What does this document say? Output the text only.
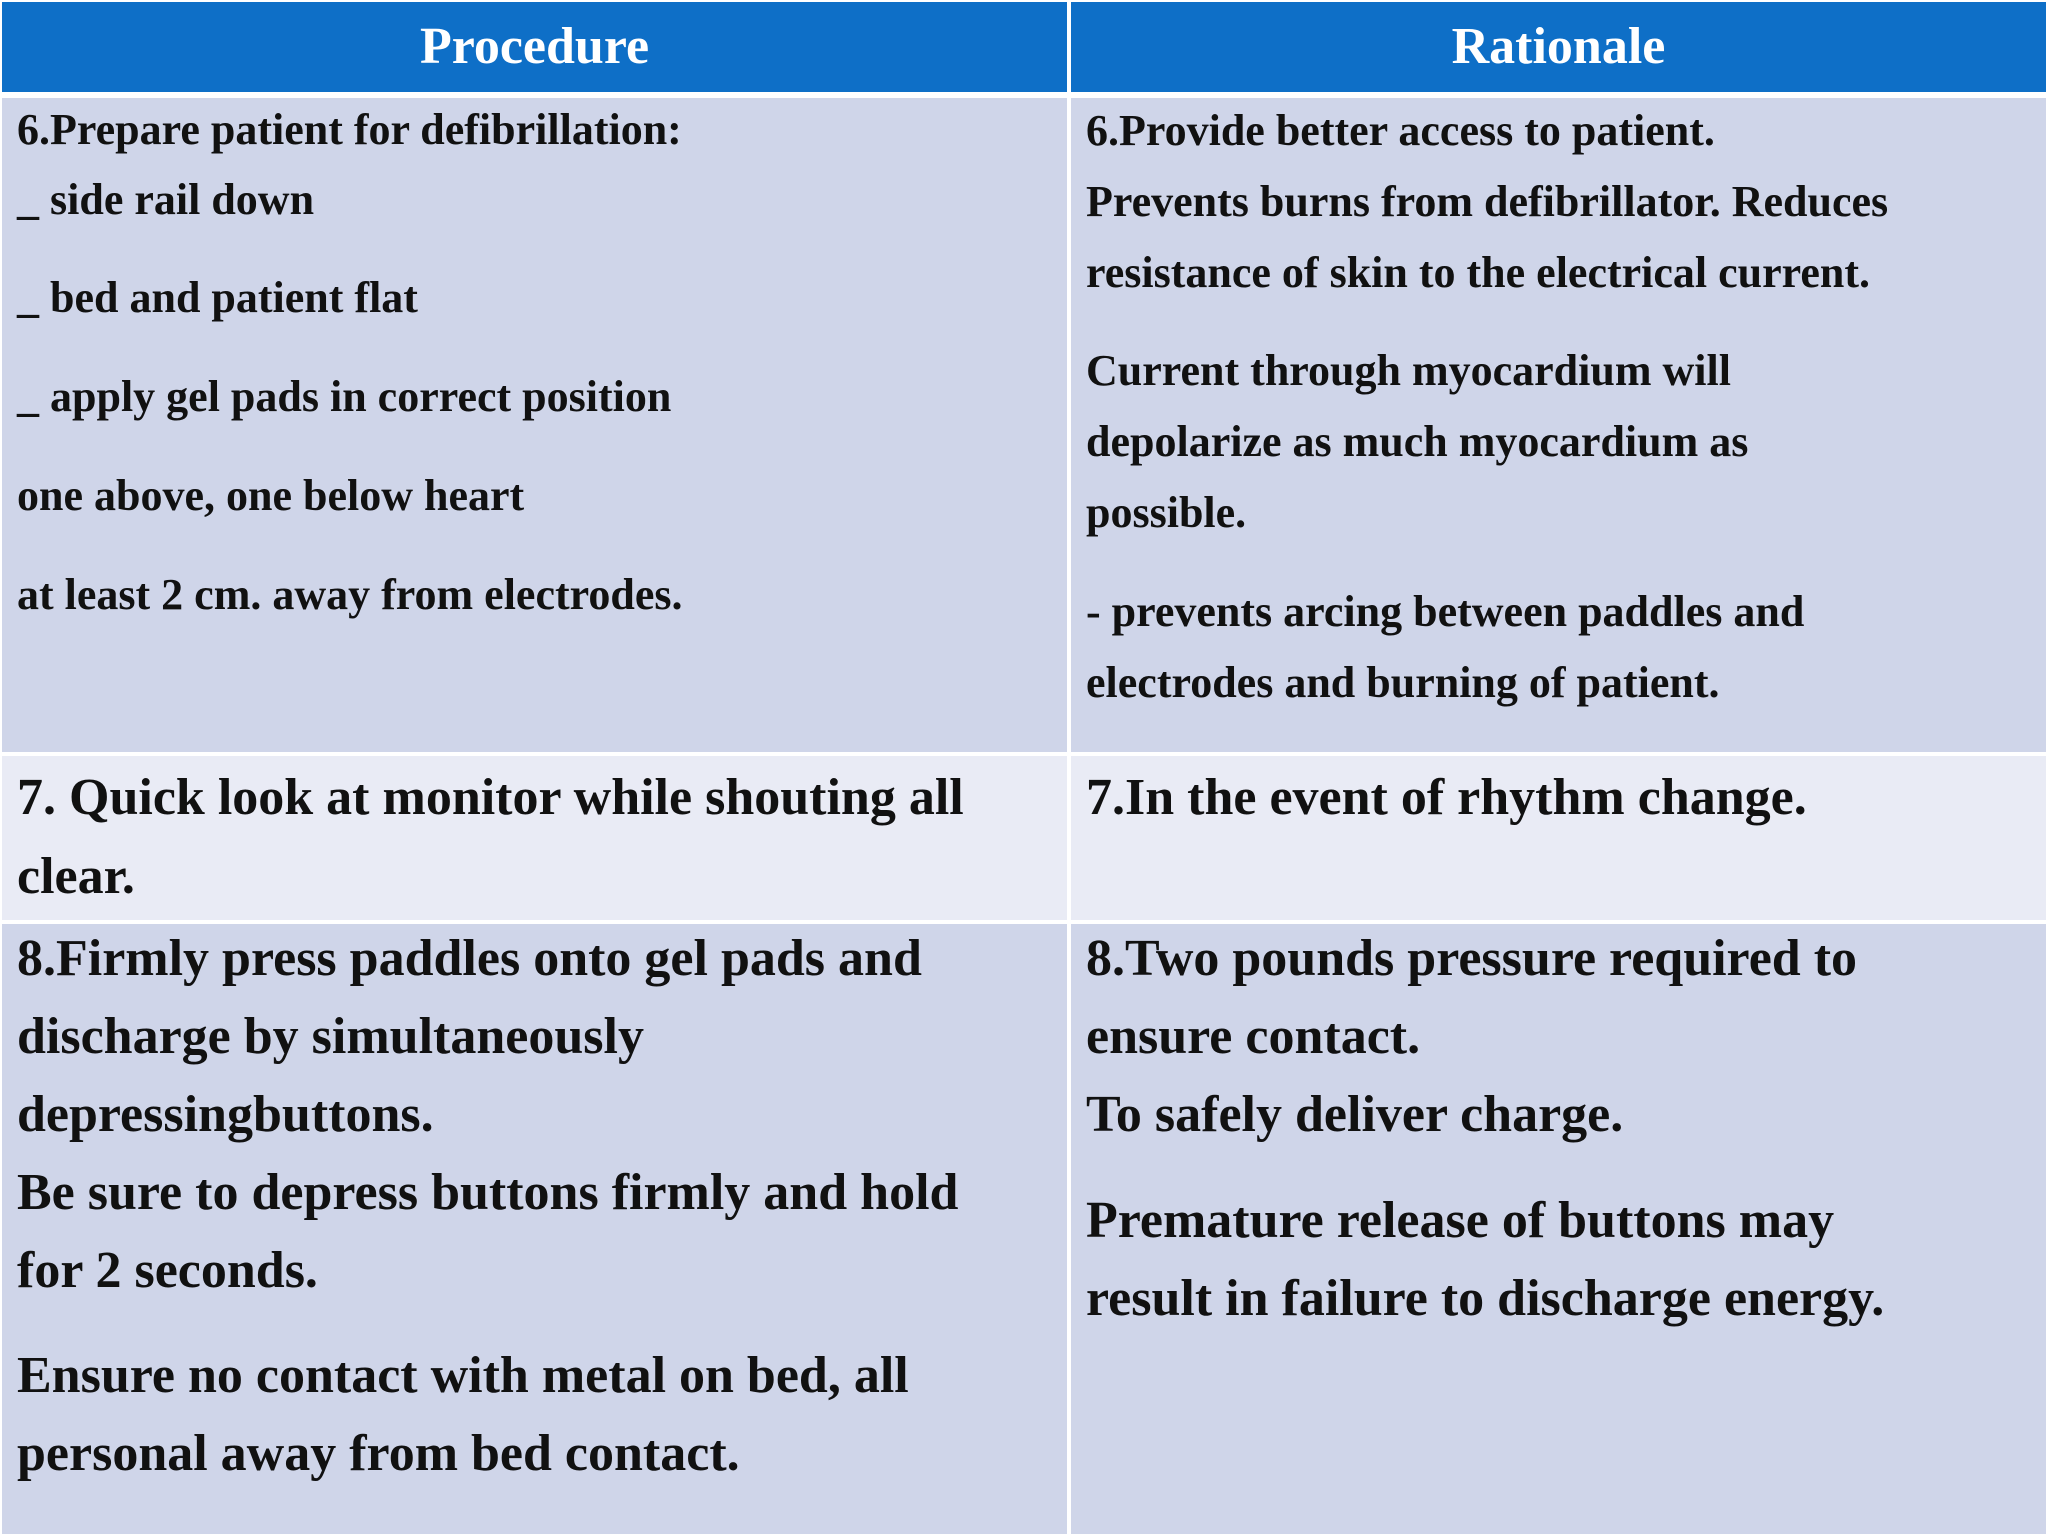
Procedure	Rationale

6.Prepare patient for defibrillation:

_ side rail down

_ bed and patient flat

_ apply gel pads in correct position

one above, one below heart

at least 2 cm. away from electrodes.

6.Provide better access to patient.

Prevents burns from defibrillator. Reduces

resistance of skin to the electrical current.

Current through myocardium will

depolarize as much myocardium as

possible.

- prevents arcing between paddles and

electrodes and burning of patient.

7. Quick look at monitor while shouting all

clear.

7.In the event of rhythm change.

8.Firmly press paddles onto gel pads and

discharge by simultaneously

depressingbuttons.

Be sure to depress buttons firmly and hold

for 2 seconds.

Ensure no contact with metal on bed, all

personal away from bed contact.

8.Two pounds pressure required to

ensure contact.

To safely deliver charge.

Premature release of buttons may

result in failure to discharge energy.
